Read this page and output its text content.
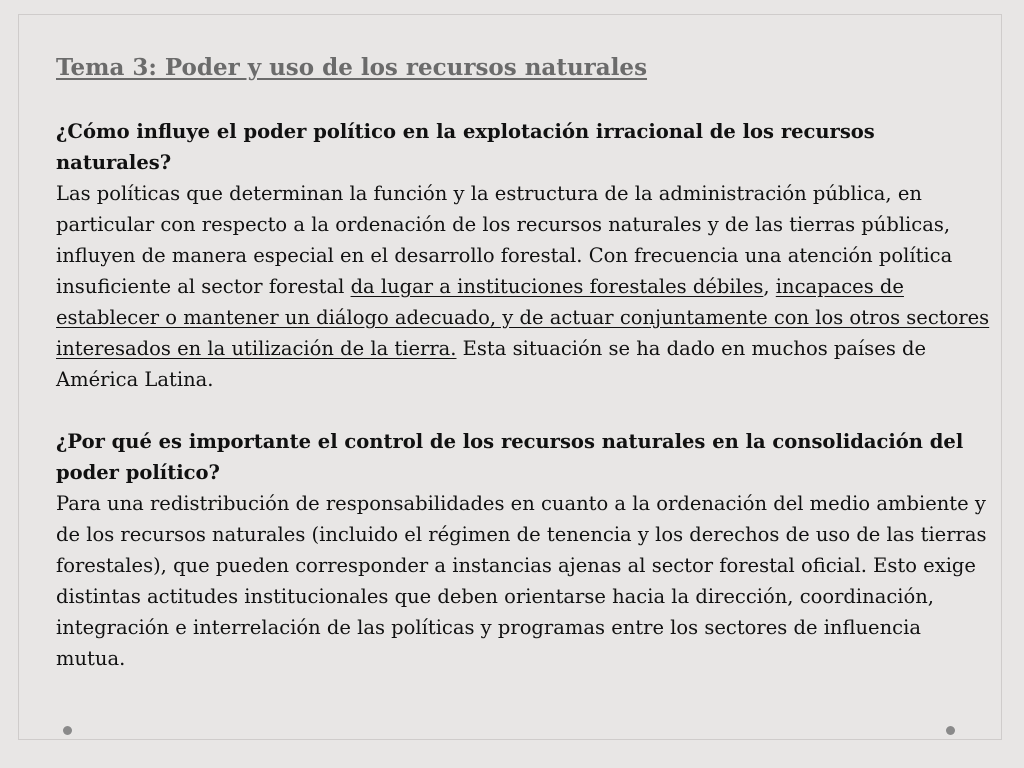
Tema 3: Poder y uso de los recursos naturales
¿Cómo influye el poder político en la explotación irracional de los recursos naturales?
Las políticas que determinan la función y la estructura de la administración pública, en particular con respecto a la ordenación de los recursos naturales y de las tierras públicas, influyen de manera especial en el desarrollo forestal. Con frecuencia una atención política insuficiente al sector forestal da lugar a instituciones forestales débiles, incapaces de establecer o mantener un diálogo adecuado, y de actuar conjuntamente con los otros sectores interesados en la utilización de la tierra. Esta situación se ha dado en muchos países de América Latina.
¿Por qué es importante el control de los recursos naturales en la consolidación del poder político?
Para una redistribución de responsabilidades en cuanto a la ordenación del medio ambiente y de los recursos naturales (incluido el régimen de tenencia y los derechos de uso de las tierras forestales), que pueden corresponder a instancias ajenas al sector forestal oficial. Esto exige distintas actitudes institucionales que deben orientarse hacia la dirección, coordinación, integración e interrelación de las políticas y programas entre los sectores de influencia mutua.
